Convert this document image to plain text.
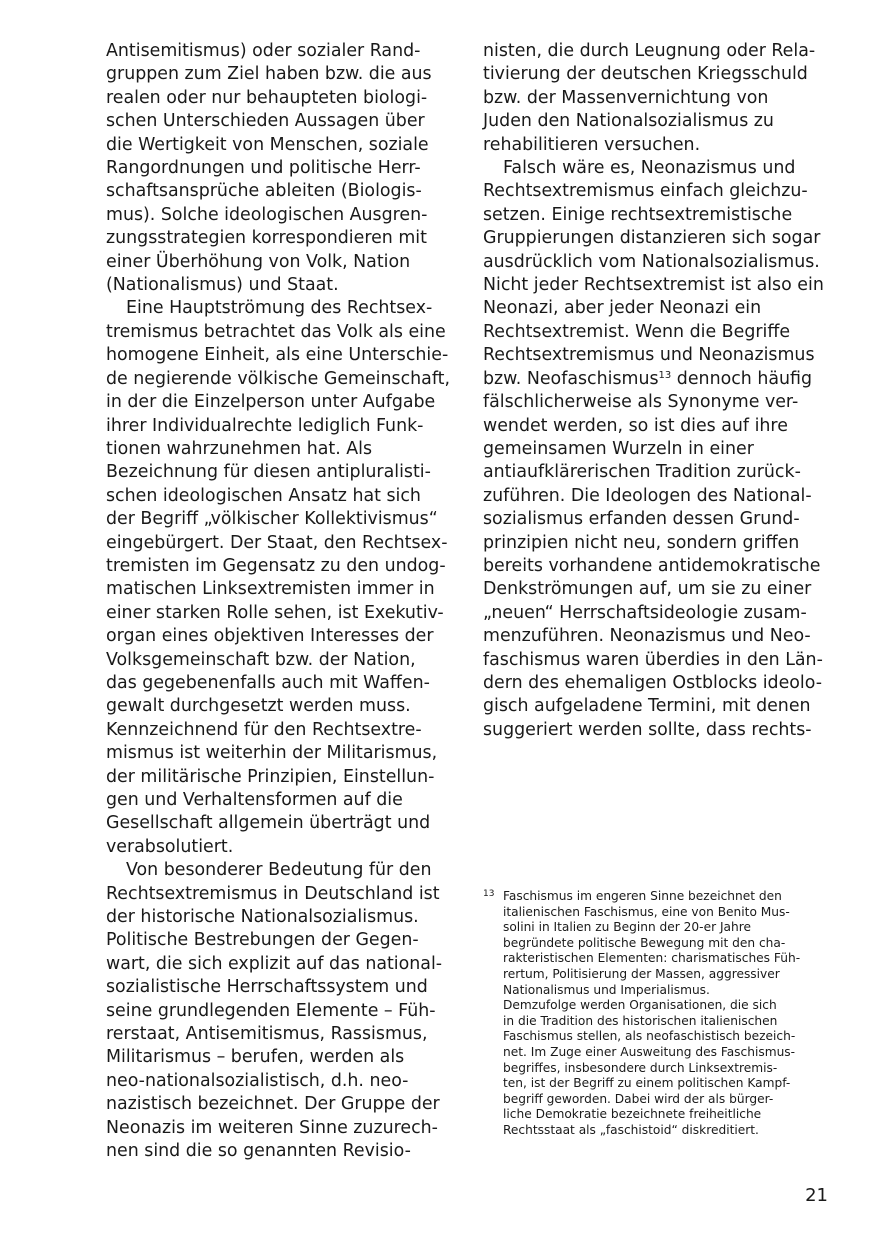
Antisemitismus) oder sozialer Rand-
gruppen zum Ziel haben bzw. die aus
realen oder nur behaupteten biologi-
schen Unterschieden Aussagen über
die Wertigkeit von Menschen, soziale
Rangordnungen und politische Herr-
schaftsansprüche ableiten (Biologis-
mus). Solche ideologischen Ausgren-
zungsstrategien korrespondieren mit
einer Überhöhung von Volk, Nation
(Nationalismus) und Staat.
Eine Hauptströmung des Rechtsex-
tremismus betrachtet das Volk als eine
homogene Einheit, als eine Unterschie-
de negierende völkische Gemeinschaft,
in der die Einzelperson unter Aufgabe
ihrer Individualrechte lediglich Funk-
tionen wahrzunehmen hat. Als
Bezeichnung für diesen antipluralisti-
schen ideologischen Ansatz hat sich
der Begriff „völkischer Kollektivismus“
eingebürgert. Der Staat, den Rechtsex-
tremisten im Gegensatz zu den undog-
matischen Linksextremisten immer in
einer starken Rolle sehen, ist Exekutiv-
organ eines objektiven Interesses der
Volksgemeinschaft bzw. der Nation,
das gegebenenfalls auch mit Waffen-
gewalt durchgesetzt werden muss.
Kennzeichnend für den Rechtsextre-
mismus ist weiterhin der Militarismus,
der militärische Prinzipien, Einstellun-
gen und Verhaltensformen auf die
Gesellschaft allgemein überträgt und
verabsolutiert.
Von besonderer Bedeutung für den
Rechtsextremismus in Deutschland ist
der historische Nationalsozialismus.
Politische Bestrebungen der Gegen-
wart, die sich explizit auf das national-
sozialistische Herrschaftssystem und
seine grundlegenden Elemente – Füh-
rerstaat, Antisemitismus, Rassismus,
Militarismus – berufen, werden als
neo-nationalsozialistisch, d.h. neo-
nazistisch bezeichnet. Der Gruppe der
Neonazis im weiteren Sinne zuzurech-
nen sind die so genannten Revisio-
nisten, die durch Leugnung oder Rela-
tivierung der deutschen Kriegsschuld
bzw. der Massenvernichtung von
Juden den Nationalsozialismus zu
rehabilitieren versuchen.
Falsch wäre es, Neonazismus und
Rechtsextremismus einfach gleichzu-
setzen. Einige rechtsextremistische
Gruppierungen distanzieren sich sogar
ausdrücklich vom Nationalsozialismus.
Nicht jeder Rechtsextremist ist also ein
Neonazi, aber jeder Neonazi ein
Rechtsextremist. Wenn die Begriffe
Rechtsextremismus und Neonazismus
bzw. Neofaschismus$^{13}$ dennoch häufig
fälschlicherweise als Synonyme ver-
wendet werden, so ist dies auf ihre
gemeinsamen Wurzeln in einer
antiaufklärerischen Tradition zurück-
zuführen. Die Ideologen des National-
sozialismus erfanden dessen Grund-
prinzipien nicht neu, sondern griffen
bereits vorhandene antidemokratische
Denkströmungen auf, um sie zu einer
„neuen“ Herrschaftsideologie zusam-
menzuführen. Neonazismus und Neo-
faschismus waren überdies in den Län-
dern des ehemaligen Ostblocks ideolo-
gisch aufgeladene Termini, mit denen
suggeriert werden sollte, dass rechts-
13 Faschismus im engeren Sinne bezeichnet den
italienischen Faschismus, eine von Benito Mus-
solini in Italien zu Beginn der 20-er Jahre
begründete politische Bewegung mit den cha-
rakteristischen Elementen: charismatisches Füh-
rertum, Politisierung der Massen, aggressiver
Nationalismus und Imperialismus.
Demzufolge werden Organisationen, die sich
in die Tradition des historischen italienischen
Faschismus stellen, als neofaschistisch bezeich-
net. Im Zuge einer Ausweitung des Faschismus-
begriffes, insbesondere durch Linksextremis-
ten, ist der Begriff zu einem politischen Kampf-
begriff geworden. Dabei wird der als bürger-
liche Demokratie bezeichnete freiheitliche
Rechtsstaat als „faschistoid“ diskreditiert.
21
